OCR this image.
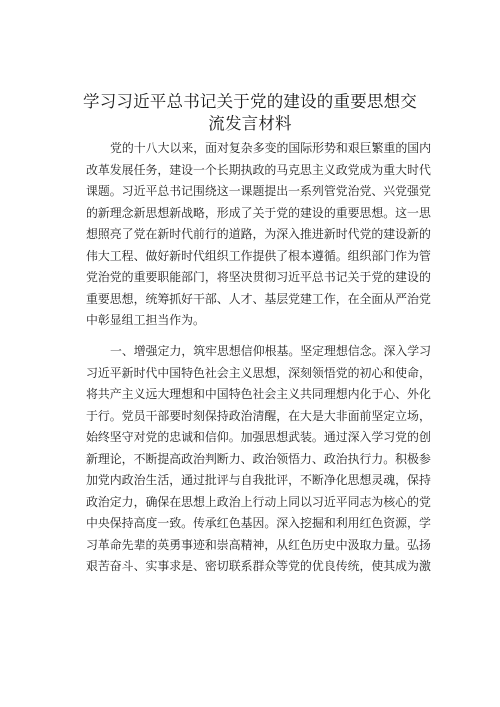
学习习近平总书记关于党的建设的重要思想交
流发言材料
党的十八大以来，面对复杂多变的国际形势和艰巨繁重的国内
改革发展任务，建设一个长期执政的马克思主义政党成为重大时代
课题。习近平总书记围绕这一课题提出一系列管党治党、兴党强党
的新理念新思想新战略，形成了关于党的建设的重要思想。这一思
想照亮了党在新时代前行的道路，为深入推进新时代党的建设新的
伟大工程、做好新时代组织工作提供了根本遵循。组织部门作为管
党治党的重要职能部门，将坚决贯彻习近平总书记关于党的建设的
重要思想，统筹抓好干部、人才、基层党建工作，在全面从严治党
中彰显组工担当作为。
一、增强定力，筑牢思想信仰根基。坚定理想信念。深入学习
习近平新时代中国特色社会主义思想，深刻领悟党的初心和使命，
将共产主义远大理想和中国特色社会主义共同理想内化于心、外化
于行。党员干部要时刻保持政治清醒，在大是大非面前坚定立场，
始终坚守对党的忠诚和信仰。加强思想武装。通过深入学习党的创
新理论，不断提高政治判断力、政治领悟力、政治执行力。积极参
加党内政治生活，通过批评与自我批评，不断净化思想灵魂，保持
政治定力，确保在思想上政治上行动上同以习近平同志为核心的党
中央保持高度一致。传承红色基因。深入挖掘和利用红色资源，学
习革命先辈的英勇事迹和崇高精神，从红色历史中汲取力量。弘扬
艰苦奋斗、实事求是、密切联系群众等党的优良传统，使其成为激
